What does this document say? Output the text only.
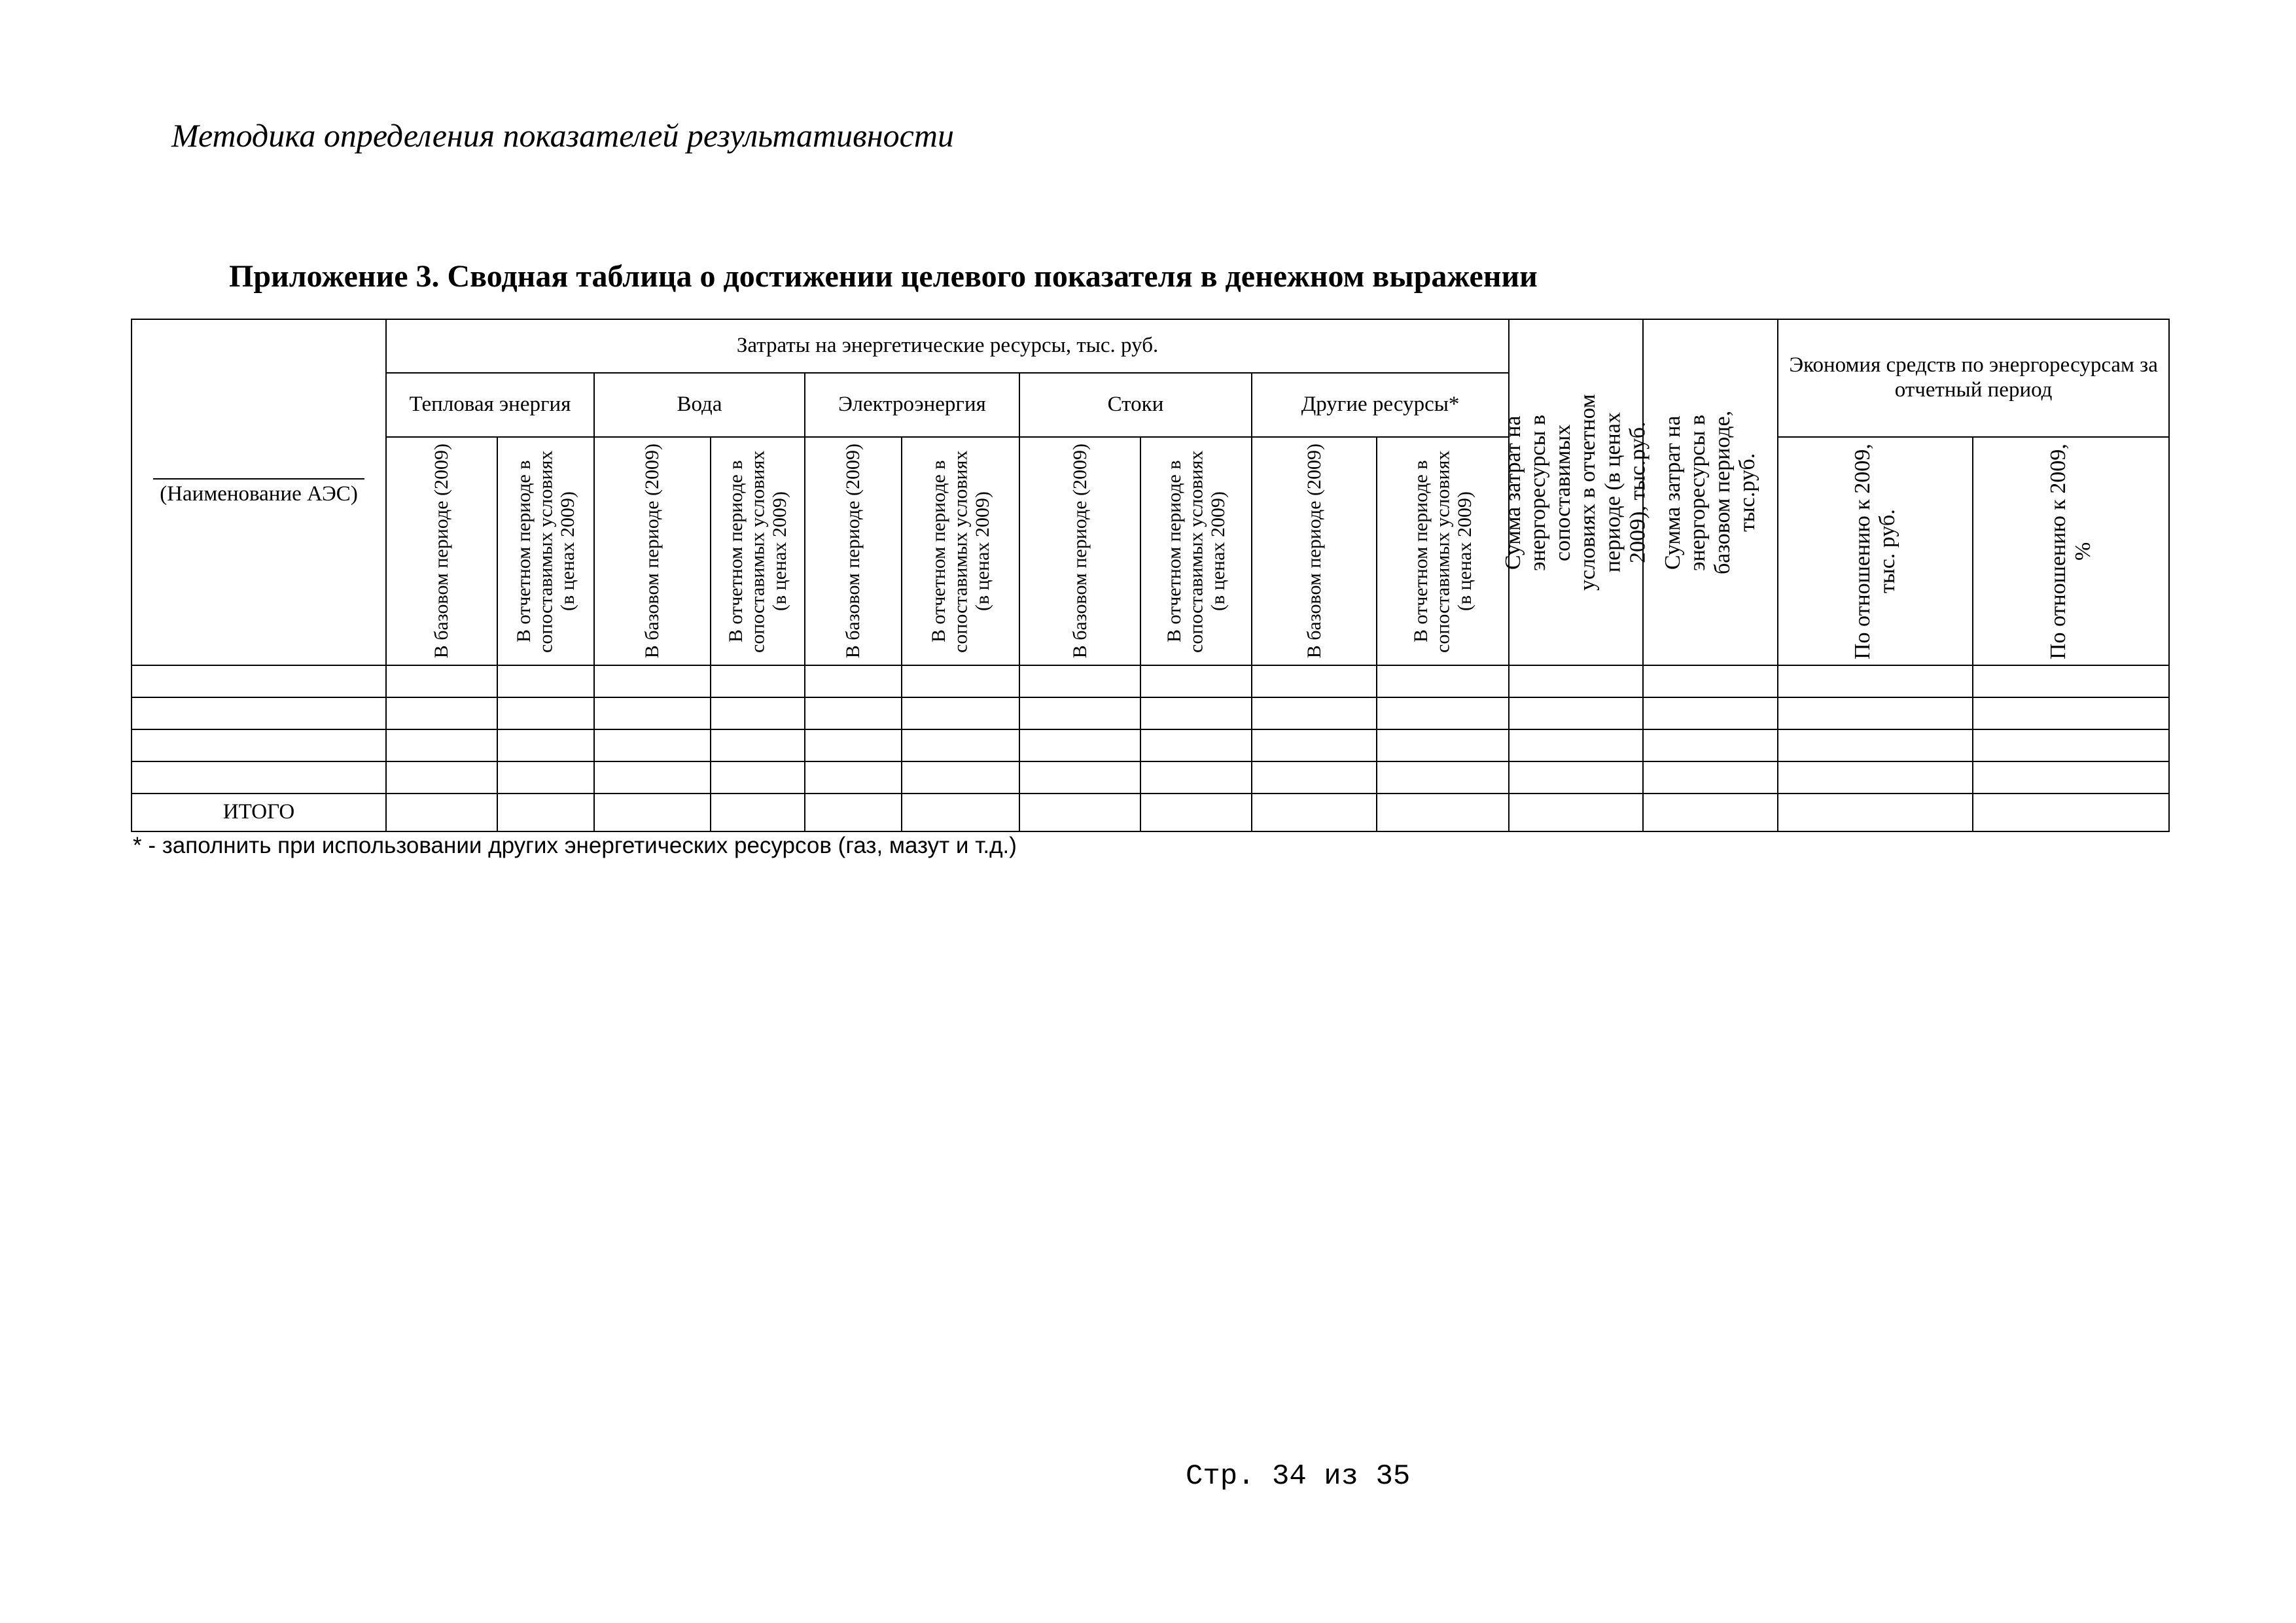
Методика определения показателей результативности
Приложение 3. Сводная таблица о достижении целевого показателя в денежном выражении
(Наименование АЭС)	Затраты на энергетические ресурсы, тыс. руб.										Сумма затрат на энергоресурсы в сопоставимых условиях в отчетном периоде (в ценах 2009), тыс.руб.	Сумма затрат на энергоресурсы в базовом периоде, тыс.руб.	Экономия средств по энергоресурсам за отчетный период	
	Тепловая энергия		Вода		Электроэнергия		Стоки		Другие ресурсы*					

	В базовом периоде (2009)	В отчетном периоде в сопоставимых условиях (в ценах 2009)	В базовом периоде (2009)	В отчетном периоде в сопоставимых условиях (в ценах 2009)	В базовом периоде (2009)	В отчетном периоде в сопоставимых условиях (в ценах 2009)	В базовом периоде (2009)	В отчетном периоде в сопоставимых условиях (в ценах 2009)	В базовом периоде (2009)	В отчетном периоде в сопоставимых условиях (в ценах 2009)			По отношению к 2009, тыс. руб.	По отношению к 2009, %

ИТОГО														
* - заполнить при использовании других энергетических ресурсов (газ, мазут и т.д.)
Стр. 34 из 35
